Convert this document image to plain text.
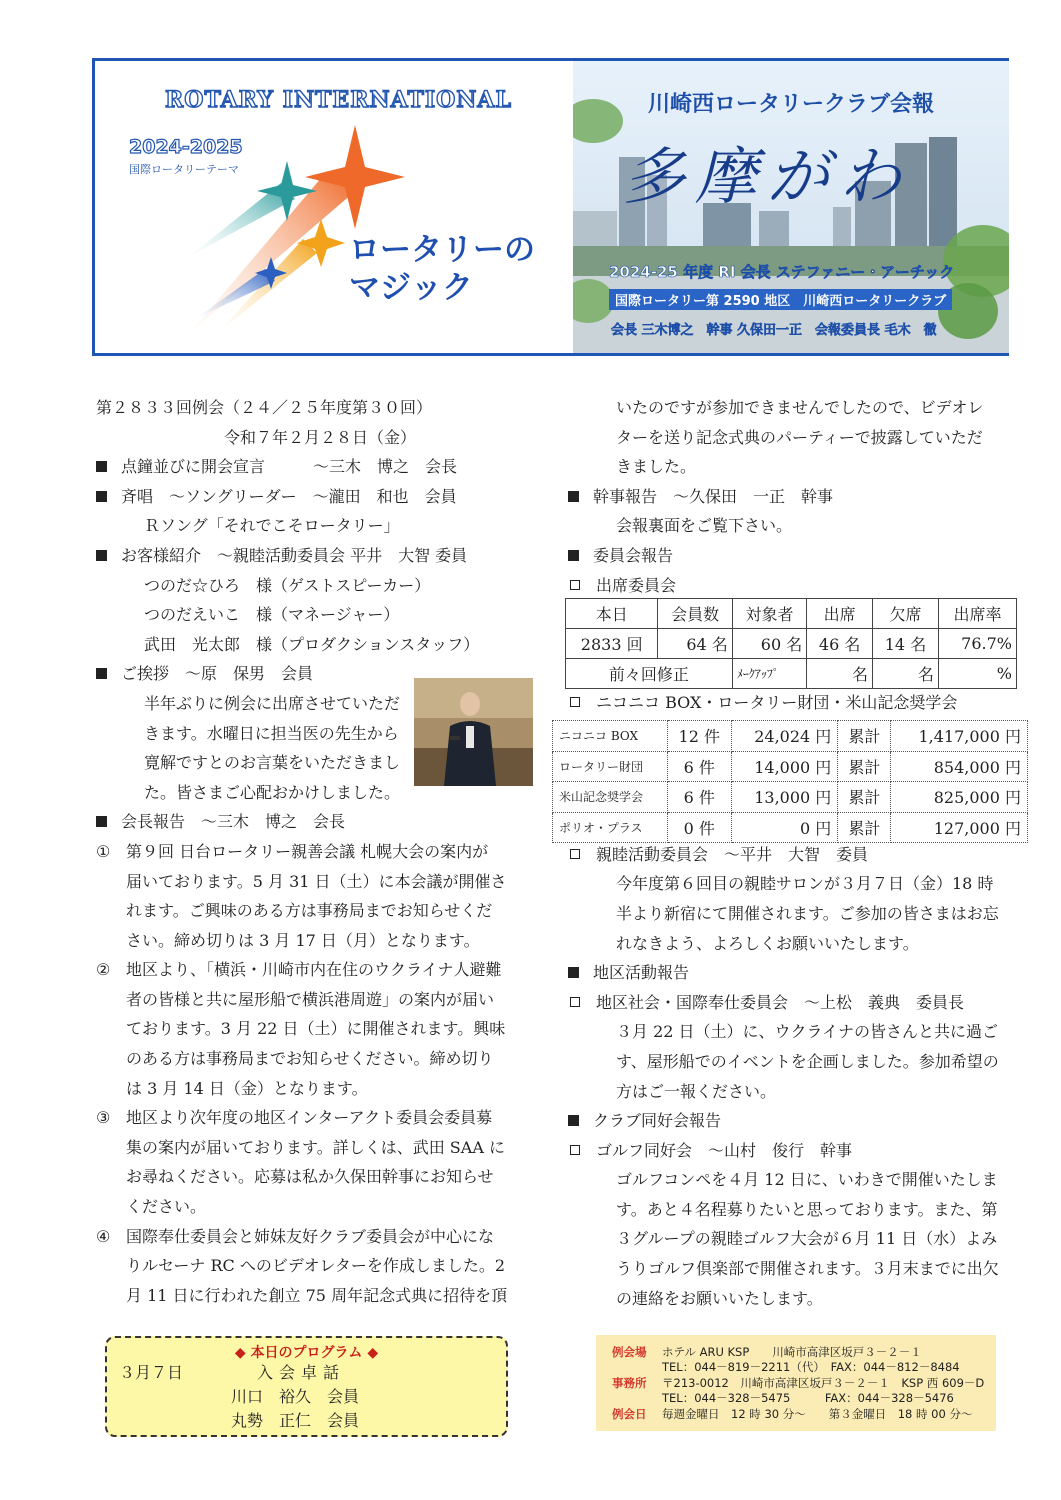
ROTARY INTERNATIONAL
2024-2025
国際ロータリーテーマ
ロータリーの
マジック
川崎西ロータリークラブ会報
多摩がわ
2024-25 年度 RI 会長 ステファニー・アーチック
国際ロータリー第 2590 地区　川崎西ロータリークラブ
会長 三木博之　幹事 久保田一正　会報委員長 毛木　徹
第２８３３回例会（２４／２５年度第３０回）
　　　　　　　　令和７年２月２８日（金）
点鐘並びに開会宣言　　　～三木　博之　会長
斉唱　～ソングリーダー　～瀧田　和也　会員
　　　Ｒソング「それでこそロータリー」
お客様紹介　～親睦活動委員会 平井　大智 委員
　　　つのだ☆ひろ　様（ゲストスピーカー）
　　　つのだえいこ　様（マネージャー）
　　　武田　光太郎　様（プロダクションスタッフ）
ご挨拶　～原　保男　会員
　　　半年ぶりに例会に出席させていただ
　　　きます。水曜日に担当医の先生から
　　　寛解ですとのお言葉をいただきまし
　　　た。皆さまご心配おかけしました。
会長報告　～三木　博之　会長
① 第９回 日台ロータリー親善会議 札幌大会の案内が
届いております。5 月 31 日（土）に本会議が開催さ
れます。ご興味のある方は事務局までお知らせくだ
さい。締め切りは 3 月 17 日（月）となります。
② 地区より、「横浜・川崎市内在住のウクライナ人避難
者の皆様と共に屋形船で横浜港周遊」の案内が届い
ております。3 月 22 日（土）に開催されます。興味
のある方は事務局までお知らせください。締め切り
は 3 月 14 日（金）となります。
③ 地区より次年度の地区インターアクト委員会委員募
集の案内が届いております。詳しくは、武田 SAA に
お尋ねください。応募は私か久保田幹事にお知らせ
ください。
④ 国際奉仕委員会と姉妹友好クラブ委員会が中心にな
りルセーナ RC へのビデオレターを作成しました。2
月 11 日に行われた創立 75 周年記念式典に招待を頂
　　　いたのですが参加できませんでしたので、ビデオレ
　　　ターを送り記念式典のパーティーで披露していただ
　　　きました。
幹事報告　～久保田　一正　幹事
　　　会報裏面をご覧下さい。
委員会報告
出席委員会
ニコニコ BOX・ロータリー財団・米山記念奨学会
親睦活動委員会　～平井　大智　委員
　　　今年度第６回目の親睦サロンが３月７日（金）18 時
　　　半より新宿にて開催されます。ご参加の皆さまはお忘
　　　れなきよう、よろしくお願いいたします。
地区活動報告
地区社会・国際奉仕委員会　～上松　義典　委員長
　　　３月 22 日（土）に、ウクライナの皆さんと共に過ご
　　　す、屋形船でのイベントを企画しました。参加希望の
　　　方はご一報ください。
クラブ同好会報告
ゴルフ同好会　～山村　俊行　幹事
　　　ゴルフコンペを４月 12 日に、いわきで開催いたしま
　　　す。あと４名程募りたいと思っております。また、第
　　　３グループの親睦ゴルフ大会が６月 11 日（水）よみ
　　　うりゴルフ倶楽部で開催されます。３月末までに出欠
　　　の連絡をお願いいたします。
本日	会員数	対象者	出席	欠席	出席率
2833 回	64 名	60 名	46 名	14 名	76.7%
前々回修正		ﾒｰｸｱｯﾌﾟ	名	名	%
ニコニコ BOX	12 件	24,024 円	累計	1,417,000 円
ロータリー財団	6 件	14,000 円	累計	854,000 円
米山記念奨学会	6 件	13,000 円	累計	825,000 円
ポリオ・プラス	0 件	0 円	累計	127,000 円
◆ 本日のプログラム ◆
３月７日	入会卓話
川口　裕久　会員
丸勢　正仁　会員
例会場 ホテル ARU KSP　　川崎市高津区坂戸３－２－１
TEL：044－819－2211（代）　FAX：044－812－8484
事務所 〒213-0012　川崎市高津区坂戸３－２－１　KSP 西 609－D
TEL：044－328－5475　　　FAX：044－328－5476
例会日 毎週金曜日　12 時 30 分～　　第３金曜日　18 時 00 分～
